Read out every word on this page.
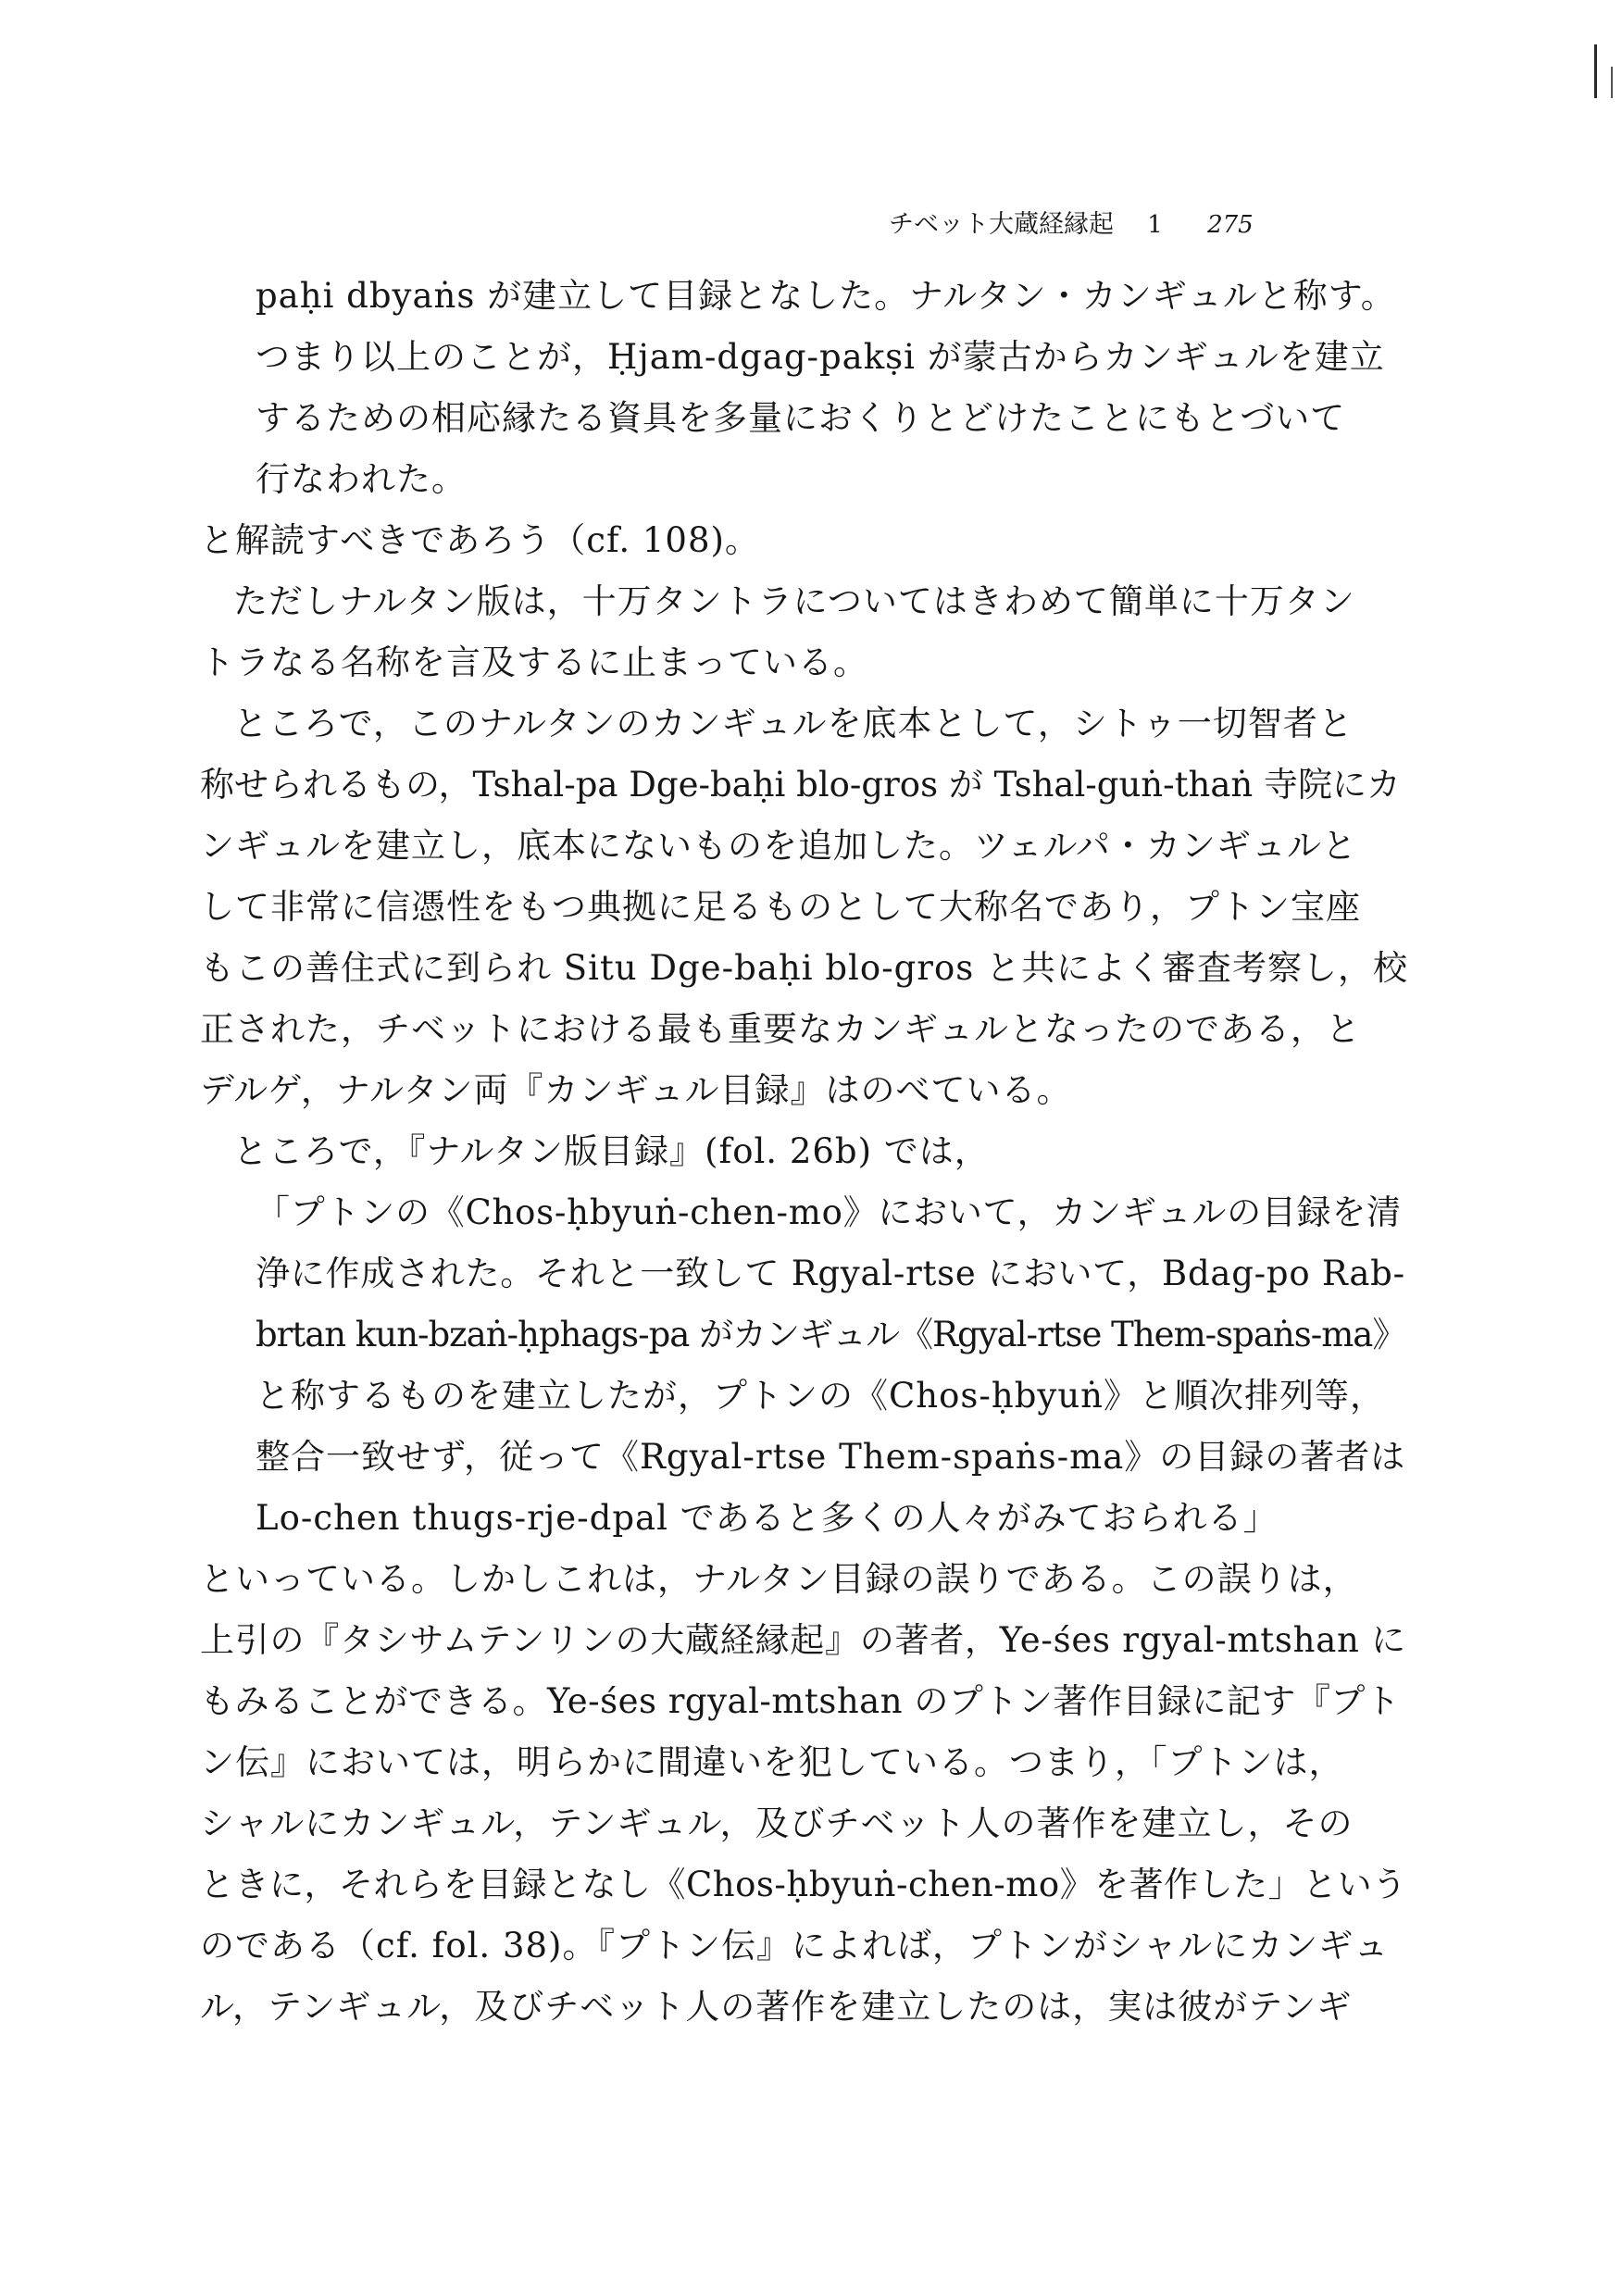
チベット大蔵経縁起 1 275
paḥi dbyaṅs が建立して目録となした。ナルタン・カンギュルと称す。
つまり以上のことが，Ḥjam-dgag-pakṣi が蒙古からカンギュルを建立
するための相応縁たる資具を多量におくりとどけたことにもとづいて
行なわれた。
と解読すべきであろう（cf. 108)。
ただしナルタン版は，十万タントラについてはきわめて簡単に十万タン
トラなる名称を言及するに止まっている。
ところで，このナルタンのカンギュルを底本として，シトゥ一切智者と
称せられるもの，Tshal-pa Dge-baḥi blo-gros が Tshal-guṅ-thaṅ 寺院にカ
ンギュルを建立し，底本にないものを追加した。ツェルパ・カンギュルと
して非常に信憑性をもつ典拠に足るものとして大称名であり，プトン宝座
もこの善住式に到られ Situ Dge-baḥi blo-gros と共によく審査考察し，校
正された，チベットにおける最も重要なカンギュルとなったのである，と
デルゲ，ナルタン両『カンギュル目録』はのべている。
ところで，『ナルタン版目録』(fol. 26b) では，
「プトンの《Chos-ḥbyuṅ-chen-mo》において，カンギュルの目録を清
浄に作成された。それと一致して Rgyal-rtse において，Bdag-po Rab-
brtan kun-bzaṅ-ḥphags-pa がカンギュル《Rgyal-rtse Them-spaṅs-ma》
と称するものを建立したが，プトンの《Chos-ḥbyuṅ》と順次排列等，
整合一致せず，従って《Rgyal-rtse Them-spaṅs-ma》の目録の著者は
Lo-chen thugs-rje-dpal であると多くの人々がみておられる」
といっている。しかしこれは，ナルタン目録の誤りである。この誤りは，
上引の『タシサムテンリンの大蔵経縁起』の著者，Ye-śes rgyal-mtshan に
もみることができる。Ye-śes rgyal-mtshan のプトン著作目録に記す『プト
ン伝』においては，明らかに間違いを犯している。つまり，「プトンは，
シャルにカンギュル，テンギュル，及びチベット人の著作を建立し，その
ときに，それらを目録となし《Chos-ḥbyuṅ-chen-mo》を著作した」という
のである（cf. fol. 38)。『プトン伝』によれば，プトンがシャルにカンギュ
ル，テンギュル，及びチベット人の著作を建立したのは，実は彼がテンギ
